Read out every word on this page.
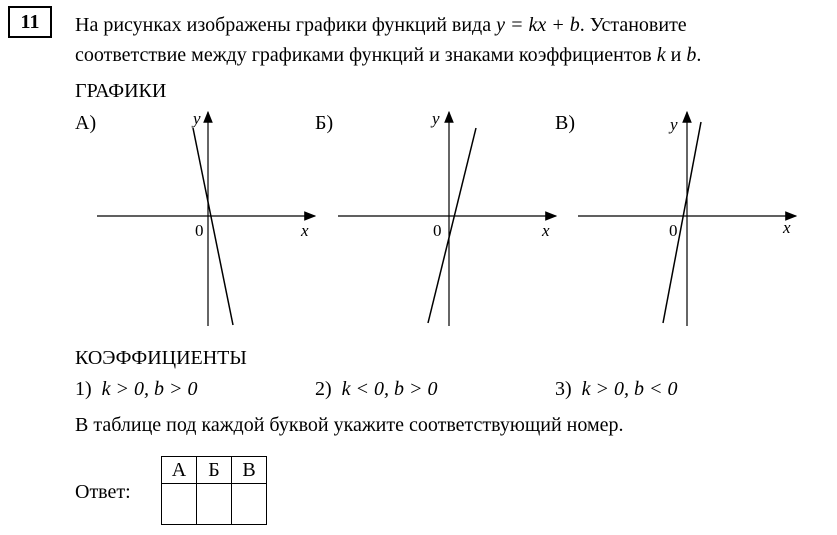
11	На рисунках изображены графики функций вида y = kx + b. Установите
соответствие между графиками функций и знаками коэффициентов k и b.
ГРАФИКИ
А)	y
x
0
Б)	y
x
0
В)	y
x
0
КОЭФФИЦИЕНТЫ
1) k > 0, b > 0	2) k < 0, b > 0	3) k > 0, b < 0
В таблице под каждой буквой укажите соответствующий номер.
Ответ:
А	Б	В
